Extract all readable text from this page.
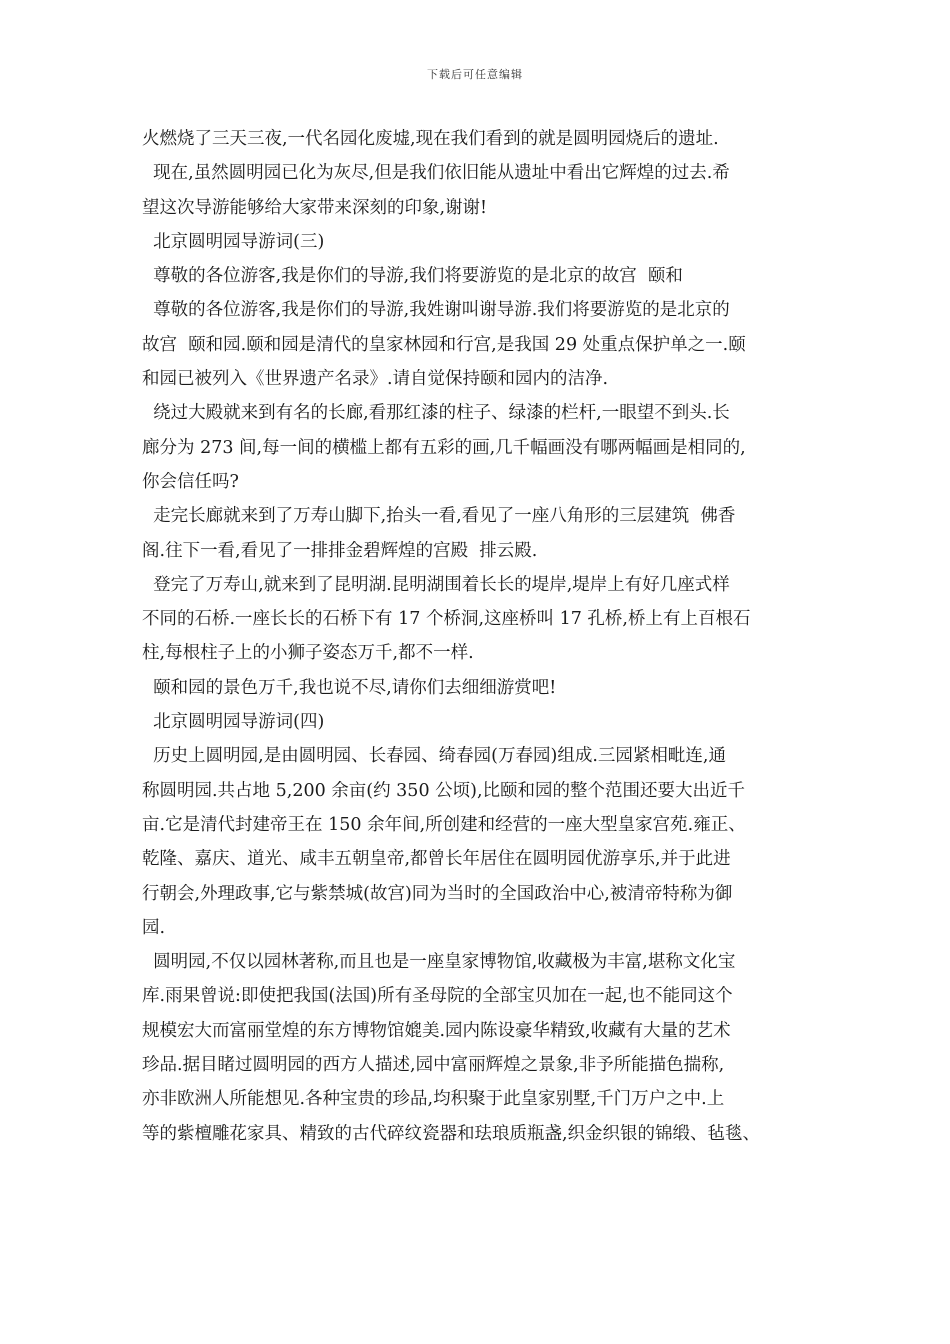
下载后可任意编辑
火燃烧了三天三夜,一代名园化废墟,现在我们看到的就是圆明园烧后的遗址.
现在,虽然圆明园已化为灰尽,但是我们依旧能从遗址中看出它辉煌的过去.希
望这次导游能够给大家带来深刻的印象,谢谢!
北京圆明园导游词(三)
尊敬的各位游客,我是你们的导游,我们将要游览的是北京的故宫  颐和
尊敬的各位游客,我是你们的导游,我姓谢叫谢导游.我们将要游览的是北京的
故宫  颐和园.颐和园是清代的皇家林园和行宫,是我国 29 处重点保护单之一.颐
和园已被列入《世界遗产名录》.请自觉保持颐和园内的洁净.
绕过大殿就来到有名的长廊,看那红漆的柱子、绿漆的栏杆,一眼望不到头.长
廊分为 273 间,每一间的横槛上都有五彩的画,几千幅画没有哪两幅画是相同的,
你会信任吗?
走完长廊就来到了万寿山脚下,抬头一看,看见了一座八角形的三层建筑  佛香
阁.往下一看,看见了一排排金碧辉煌的宫殿  排云殿.
登完了万寿山,就来到了昆明湖.昆明湖围着长长的堤岸,堤岸上有好几座式样
不同的石桥.一座长长的石桥下有 17 个桥洞,这座桥叫 17 孔桥,桥上有上百根石
柱,每根柱子上的小狮子姿态万千,都不一样.
颐和园的景色万千,我也说不尽,请你们去细细游赏吧!
北京圆明园导游词(四)
历史上圆明园,是由圆明园、长春园、绮春园(万春园)组成.三园紧相毗连,通
称圆明园.共占地 5,200 余亩(约 350 公顷),比颐和园的整个范围还要大出近千
亩.它是清代封建帝王在 150 余年间,所创建和经营的一座大型皇家宫苑.雍正、
乾隆、嘉庆、道光、咸丰五朝皇帝,都曾长年居住在圆明园优游享乐,并于此进
行朝会,外理政事,它与紫禁城(故宫)同为当时的全国政治中心,被清帝特称为御
园.
圆明园,不仅以园林著称,而且也是一座皇家博物馆,收藏极为丰富,堪称文化宝
库.雨果曾说:即使把我国(法国)所有圣母院的全部宝贝加在一起,也不能同这个
规模宏大而富丽堂煌的东方博物馆媲美.园内陈设豪华精致,收藏有大量的艺术
珍品.据目睹过圆明园的西方人描述,园中富丽辉煌之景象,非予所能描色揣称,
亦非欧洲人所能想见.各种宝贵的珍品,均积聚于此皇家别墅,千门万户之中.上
等的紫檀雕花家具、精致的古代碎纹瓷器和珐琅质瓶盏,织金织银的锦缎、毡毯、
